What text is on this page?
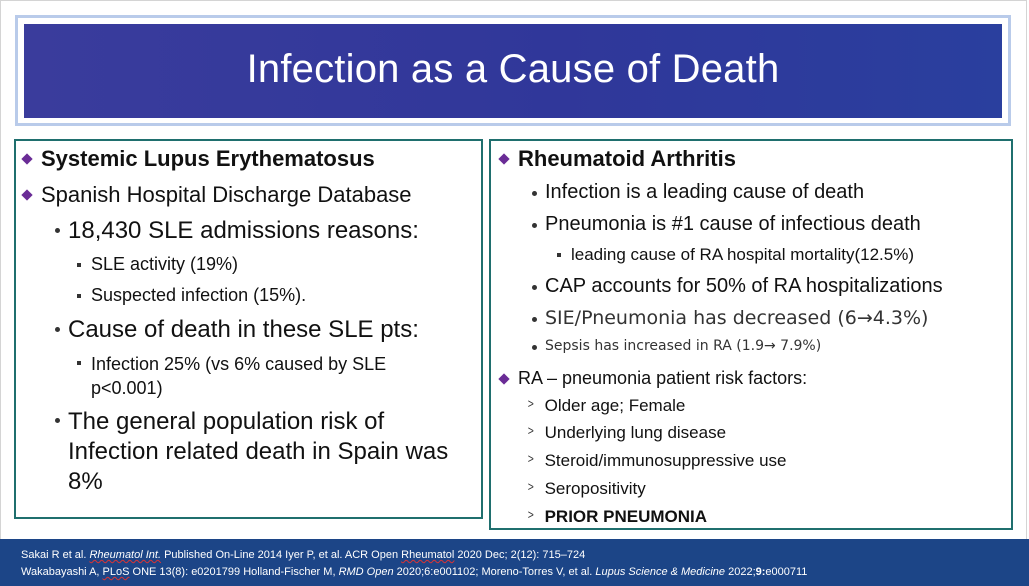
Infection as a Cause of Death
Systemic Lupus Erythematosus
Spanish Hospital Discharge Database
18,430 SLE admissions reasons:
SLE activity (19%)
Suspected infection (15%).
Cause of death in these SLE pts:
Infection 25% (vs 6% caused by SLE
p<0.001)
The general population risk of
Infection related death in Spain was
8%
Rheumatoid Arthritis
Infection is a leading cause of death
Pneumonia is #1 cause of infectious death
leading cause of RA hospital mortality(12.5%)
CAP accounts for 50% of RA hospitalizations
SIE/Pneumonia has decreased (6→4.3%)
Sepsis has increased in RA (1.9→ 7.9%)
RA – pneumonia patient risk factors:
> Older age; Female
> Underlying lung disease
> Steroid/immunosuppressive use
> Seropositivity
> PRIOR PNEUMONIA
Sakai R et al. Rheumatol Int. Published On-Line 2014 Iyer P, et al. ACR Open Rheumatol 2020 Dec; 2(12): 715–724
Wakabayashi A, PLoS ONE 13(8): e0201799 Holland-Fischer M, RMD Open 2020;6:e001102; Moreno-Torres V, et al. Lupus Science & Medicine 2022;9:e000711
